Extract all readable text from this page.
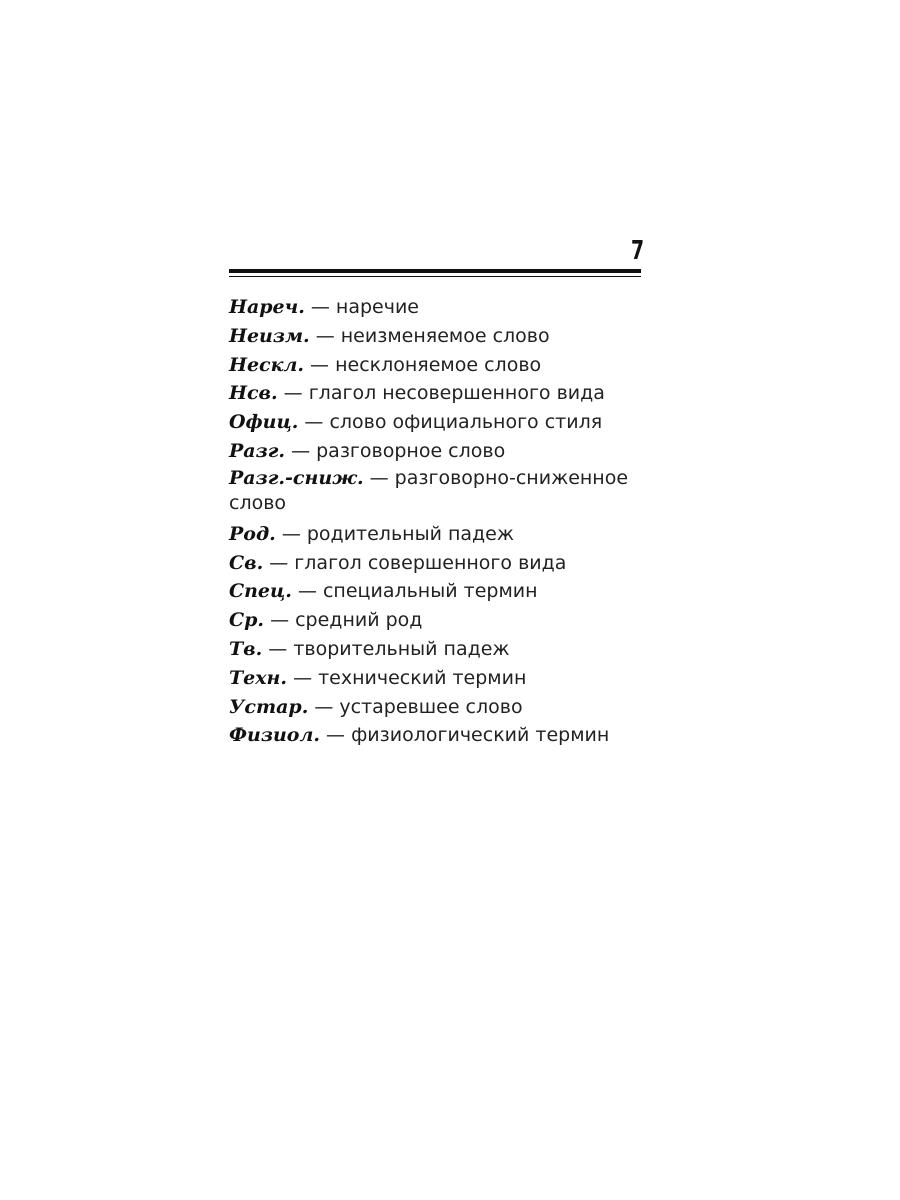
7
Нареч. — наречие
Неизм. — неизменяемое слово
Нескл. — несклоняемое слово
Нсв. — глагол несовершенного вида
Офиц. — слово официального стиля
Разг. — разговорное слово
Разг.-сниж. — разговорно-сниженное слово
Род. — родительный падеж
Св. — глагол совершенного вида
Спец. — специальный термин
Ср. — средний род
Тв. — творительный падеж
Техн. — технический термин
Устар. — устаревшее слово
Физиол. — физиологический термин
